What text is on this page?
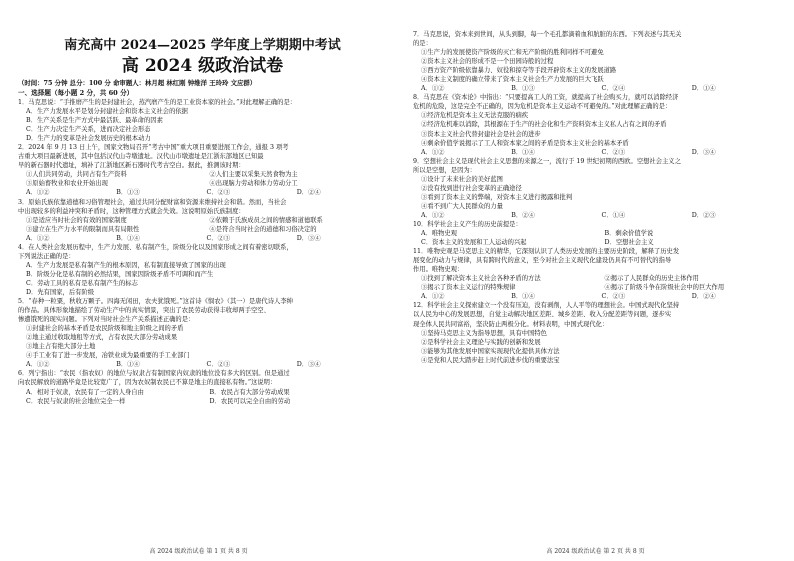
南充高中 2024—2025 学年度上学期期中考试
高 2024 级政治试卷
（时间：75 分钟 总分：100 分 命审题人：林月超 林红刚 钟维洋 王玲玲 文应群）
一、选择题（每小题 2 分，共 60 分）

1．马克思说：“手推磨产生的是封建社会，蒸汽磨产生的是工业资本家的社会。”对此理解正确的是：

A．生产力发展水平是划分封建社会和资本主义社会的依据
B．生产关系是生产方式中最活跃、最革命的因素
C．生产力决定生产关系，进而决定社会形态
D．生产力的变革是社会发展历史的根本动力

2．2024 年 9 月 13 日上午，国家文物局召开“考古中国”重大项目重要进展工作会，通报 3 项考

古重大项目最新进展，其中包括汉代山寺墩遗址。汉代山市墩遗址是江浙东部地区已知最

早的新石器时代遗址，填补了江浙地区新石器时代考古空白。据此，推测该时期：

①人们共同劳动，共同占有生产资料	②人们主要以采集天然食物为主
③原始畜牧业和农业开始出现	④出现脑力劳动和体力劳动分工
A．①②	B．①③	C．②③	D．②④

3．原始氏族依靠道德和习俗管理社会，通过共同分配财富和资源来维持社会和谐。然而，当社会

中出现较多的利益冲突和矛盾时，这种管理方式就会失效。这说明原始氏族制度：

①是适应当时社会的有效的国家制度	②依赖于氏族成员之间的情感和道德联系
③建立在生产力水平的限制而具有局限性	④是符合当时社会的道德和习俗决定的
A．①②	B．①④	C．②③	D．③④

4．在人类社会发展历程中，生产力发展、私有制产生，阶级分化以及国家形成之间有着密切联系，

下列说法正确的是：

A．生产力发展是私有制产生的根本原因，私有制直接导致了国家的出现
B．阶级分化是私有制的必然结果，国家因阶级矛盾不可调和而产生
C．劳动工具的私有是私有制产生的标志
D．先有国家，后有阶级

5．“春种一粒粟，秋收万颗子。四海无闲田，农夫犹饿死。”这首诗《悯农》（其一）是唐代诗人李绅

的作品。具体形象地描绘了劳动生产中的真实情景，突出了农民劳动获得丰收却两手空空、

惨遭饿死的现实问题。下列对当时社会生产关系描述正确的是：

①封建社会的基本矛盾是农民阶级和地主阶级之间的矛盾
②地主通过收取地租等方式，占有农民大部分劳动成果
③地主占有绝大部分土地
④手工业有了进一步发展，冶铁业成为最重要的手工业部门
A．①②	B．①④	C．②③	D．③④

6．列宁指出：“农民（指农奴）的地位与奴隶占有制国家内奴隶的地位没有多大的区别。但是通过

向农民解放的道路毕竟是比较宽广了，因为农奴制农民已不算是地主的直接私有物。”这说明：

A．相对于奴隶，农民有了一定的人身自由	B．农民占有大部分劳动成果
C．农民与奴隶的社会地位完全一样	D．农民可以完全自由的劳动

7．马克思说，资本来到世间，从头到脚，每一个毛孔都滴着血和肮脏的东西。下列表述与其无关

的是：

①生产力的发展使资产阶级的灭亡和无产阶级的胜利同样不可避免
②资本主义社会的形成不是一个田园诗般的过程
③西方资产阶级依靠暴力、奴役和掠夺等手段开辟资本主义的发展道路
④资本主义制度的确立带来了资本主义社会生产力发展的巨大飞跃
A．①②	B．①③	C．②④	D．①④

8．马克思在《资本论》中指出：“只要提高工人的工资，就提高了社会购买力，就可以消除经济

危机的危险，这是完全不正确的，因为危机是资本主义运动不可避免的。”对此理解正确的是：

①经济危机是资本主义无法克服的痼疾
②经济危机难以消除，其根源在于生产的社会化和生产资料资本主义私人占有之间的矛盾
③资本主义社会代替封建社会是社会的进步
④剩余价值学说揭示了工人和资本家之间的矛盾是资本主义社会的基本矛盾
A．①②	B．①④	C．②③	D．③④

9．空想社会主义是现代社会主义思想的来源之一，流行于 19 世纪初期的西欧。空想社会主义之

所以是空想，是因为：

①设计了未来社会的美好蓝图
②没有找到进行社会变革的正确途径
③看到了资本主义的弊端，对资本主义进行揭露和批判
④看不到广大人民群众的力量
A．①②	B．②④	C．①④	D．②③

10．科学社会主义产生的历史前提是：

A．唯物史观	B．剩余价值学说
C．资本主义的发展和工人运动的兴起	D．空想社会主义

11．唯物史观是马克思主义的精华，它深刻认识了人类历史发展的主要历史阶段，解释了历史发

展变化的动力与规律，具有跨时代的意义，至今对社会主义现代化建设仍具有不可替代的指导

作用。唯物史观：

①找到了解决资本主义社会各种矛盾的方法	②揭示了人民群众的历史主体作用
③揭示了资本主义运行的特殊规律	④揭示了阶级斗争在阶级社会中的巨大作用
A．①②	B．①④	C．②③	D．②④

12．科学社会主义探索建立一个没有压迫，没有剥削，人人平等的理想社会。中国式现代化坚持

以人民为中心的发展思想，自觉主动解决地区差距、城乡差距、收入分配差距等问题，逐步实

现全体人民共同富裕，坚决防止两极分化。材料表明，中国式现代化：

①坚持马克思主义为指导思想，具有中国特色
②是科学社会主义理论与实践的创新和发展
③能够为其他发展中国家实现现代化提供具体方法
④是党和人民大踏步赶上时代前进步伐的重要法宝
高 2024 级政治试卷 第 1 页 共 8 页	高 2024 级政治试卷 第 2 页 共 8 页
